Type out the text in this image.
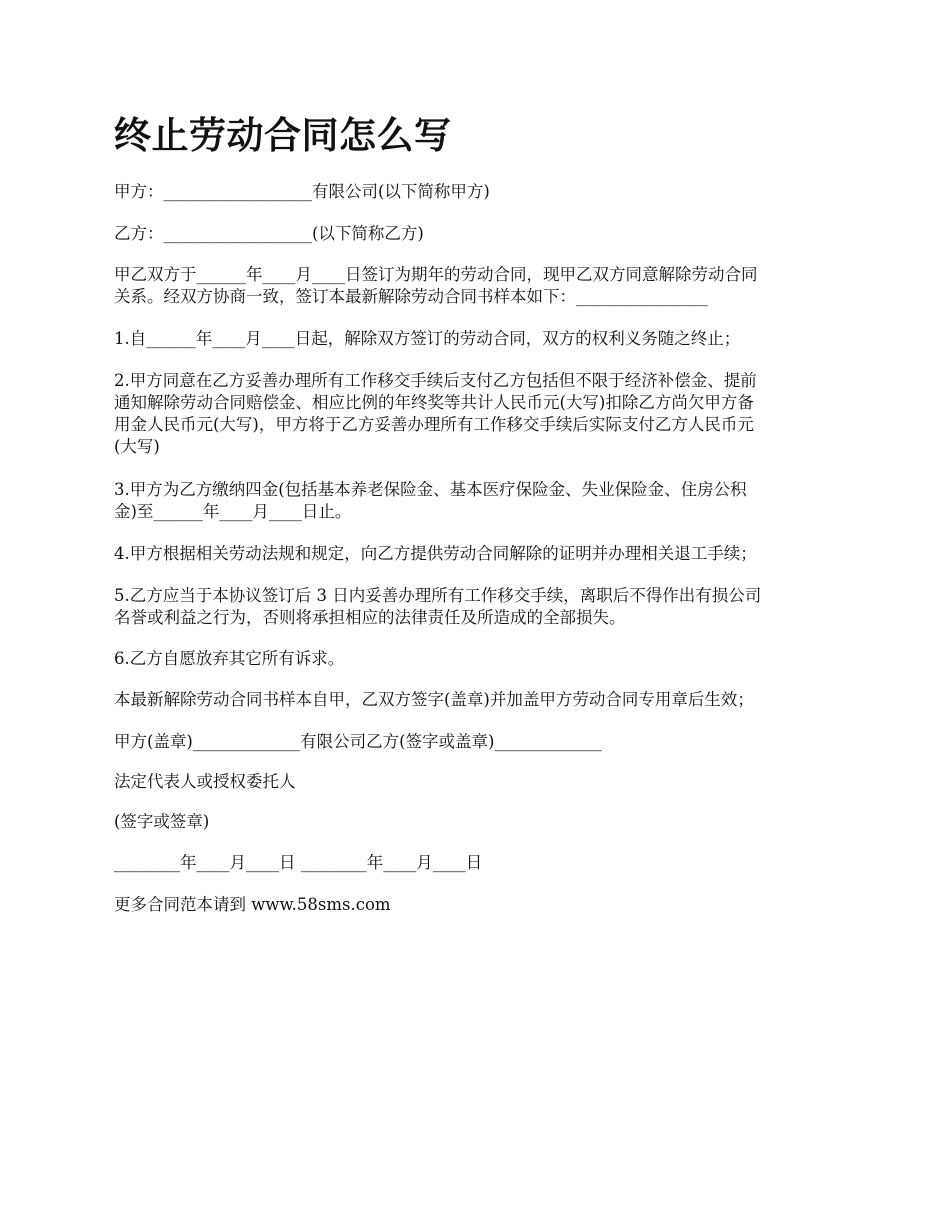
终止劳动合同怎么写

甲方：__________________有限公司(以下简称甲方)

乙方：__________________(以下简称乙方)

甲乙双方于______年____月____日签订为期年的劳动合同，现甲乙双方同意解除劳动合同
关系。经双方协商一致，签订本最新解除劳动合同书样本如下：________________
1.自______年____月____日起，解除双方签订的劳动合同，双方的权利义务随之终止；
2.甲方同意在乙方妥善办理所有工作移交手续后支付乙方包括但不限于经济补偿金、提前
通知解除劳动合同赔偿金、相应比例的年终奖等共计人民币元(大写)扣除乙方尚欠甲方备
用金人民币元(大写)，甲方将于乙方妥善办理所有工作移交手续后实际支付乙方人民币元
(大写)
3.甲方为乙方缴纳四金(包括基本养老保险金、基本医疗保险金、失业保险金、住房公积
金)至______年____月____日止。
4.甲方根据相关劳动法规和规定，向乙方提供劳动合同解除的证明并办理相关退工手续；
5.乙方应当于本协议签订后 3 日内妥善办理所有工作移交手续，离职后不得作出有损公司
名誉或利益之行为，否则将承担相应的法律责任及所造成的全部损失。
6.乙方自愿放弃其它所有诉求。

本最新解除劳动合同书样本自甲，乙双方签字(盖章)并加盖甲方劳动合同专用章后生效；

甲方(盖章)_____________有限公司乙方(签字或盖章)_____________

法定代表人或授权委托人

(签字或签章)

________年____月____日 ________年____月____日

更多合同范本请到 www.58sms.com
